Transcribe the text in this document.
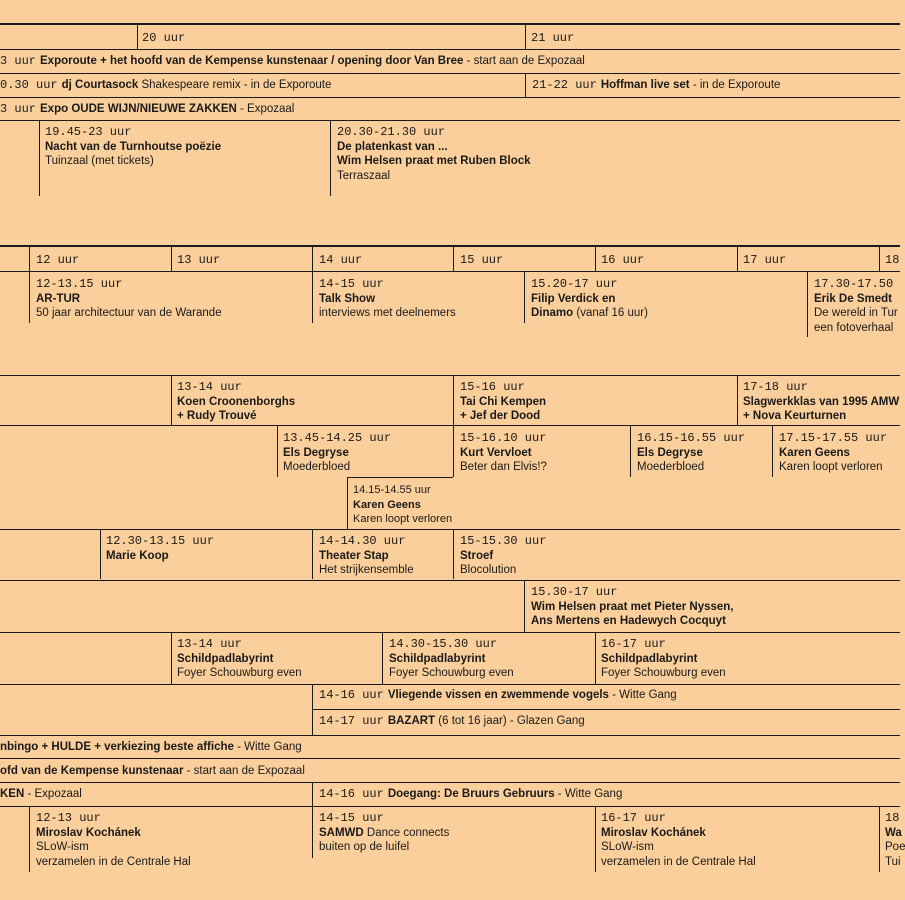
20 uur	21 uur
3 uur Exporoute + het hoofd van de Kempense kunstenaar / opening door Van Bree - start aan de Expozaal
0.30 uur dj Courtasock Shakespeare remix - in de Exporoute	21-22 uur Hoffman live set - in de Exporoute
3 uur Expo OUDE WIJN/NIEUWE ZAKKEN - Expozaal
19.45-23 uur
Nacht van de Turnhoutse poëzie
Tuinzaal (met tickets)
20.30-21.30 uur
De platenkast van ...
Wim Helsen praat met Ruben Block
Terraszaal
12 uur	13 uur	14 uur	15 uur	16 uur	17 uur	18
12-13.15 uur
AR-TUR
50 jaar architectuur van de Warande
14-15 uur
Talk Show
interviews met deelnemers
15.20-17 uur
Filip Verdick en
Dinamo (vanaf 16 uur)
17.30-17.50
Erik De Smedt
De wereld in Tur
een fotoverhaal
13-14 uur
Koen Croonenborghs
+ Rudy Trouvé
15-16 uur
Tai Chi Kempen
+ Jef der Dood
17-18 uur
Slagwerkklas van 1995 AMW
+ Nova Keurturnen
13.45-14.25 uur
Els Degryse
Moederbloed
15-16.10 uur
Kurt Vervloet
Beter dan Elvis!?
16.15-16.55 uur
Els Degryse
Moederbloed
17.15-17.55 uur
Karen Geens
Karen loopt verloren
14.15-14.55 uur
Karen Geens
Karen loopt verloren
12.30-13.15 uur
Marie Koop
14-14.30 uur
Theater Stap
Het strijkensemble
15-15.30 uur
Stroef
Blocolution
15.30-17 uur
Wim Helsen praat met Pieter Nyssen,
Ans Mertens en Hadewych Cocquyt
13-14 uur
Schildpadlabyrint
Foyer Schouwburg even
14.30-15.30 uur
Schildpadlabyrint
Foyer Schouwburg even
16-17 uur
Schildpadlabyrint
Foyer Schouwburg even
14-16 uur Vliegende vissen en zwemmende vogels - Witte Gang
14-17 uur BAZART (6 tot 16 jaar) - Glazen Gang
nbingo + HULDE + verkiezing beste affiche - Witte Gang
ofd van de Kempense kunstenaar - start aan de Expozaal
KEN - Expozaal	14-16 uur Doegang: De Bruurs Gebruurs - Witte Gang
12-13 uur
Miroslav Kochánek
SLoW-ism
verzamelen in de Centrale Hal
14-15 uur
SAMWD Dance connects
buiten op de luifel
16-17 uur
Miroslav Kochánek
SLoW-ism
verzamelen in de Centrale Hal
18
Wa
Poe
Tui
